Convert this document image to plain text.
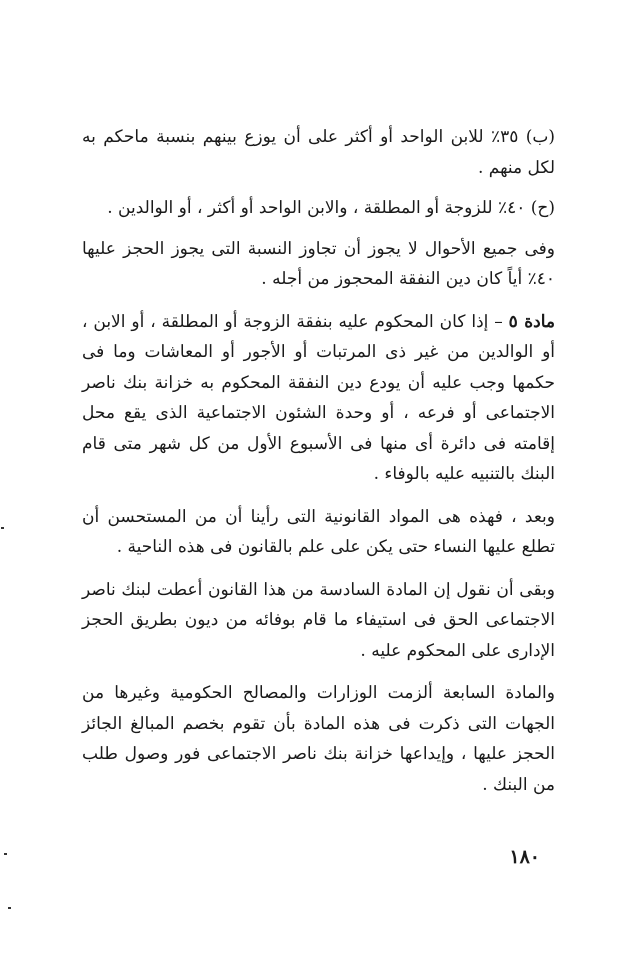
(ب) ٣٥٪ للابن الواحد أو أكثر على أن يوزع بينهم بنسبة ماحكم به لكل منهم .

(ح) ٤٠٪ للزوجة أو المطلقة ، والابن الواحد أو أكثر ، أو الوالدين .

وفى جميع الأحوال لا يجوز أن تجاوز النسبة التى يجوز الحجز عليها ٤٠٪ أياً كان دين النفقة المحجوز من أجله .

مادة ٥ – إذا كان المحكوم عليه بنفقة الزوجة أو المطلقة ، أو الابن ، أو الوالدين من غير ذى المرتبات أو الأجور أو المعاشات وما فى حكمها وجب عليه أن يودع دين النفقة المحكوم به خزانة بنك ناصر الاجتماعى أو فرعه ، أو وحدة الشئون الاجتماعية الذى يقع محل إقامته فى دائرة أى منها فى الأسبوع الأول من كل شهر متى قام البنك بالتنبيه عليه بالوفاء .

وبعد ، فهذه هى المواد القانونية التى رأينا أن من المستحسن أن تطلع عليها النساء حتى يكن على علم بالقانون فى هذه الناحية .

وبقى أن نقول إن المادة السادسة من هذا القانون أعطت لبنك ناصر الاجتماعى الحق فى استيفاء ما قام بوفائه من ديون بطريق الحجز الإدارى على المحكوم عليه .

والمادة السابعة ألزمت الوزارات والمصالح الحكومية وغيرها من الجهات التى ذكرت فى هذه المادة بأن تقوم بخصم المبالغ الجائز الحجز عليها ، وإيداعها خزانة بنك ناصر الاجتماعى فور وصول طلب من البنك .

١٨٠
